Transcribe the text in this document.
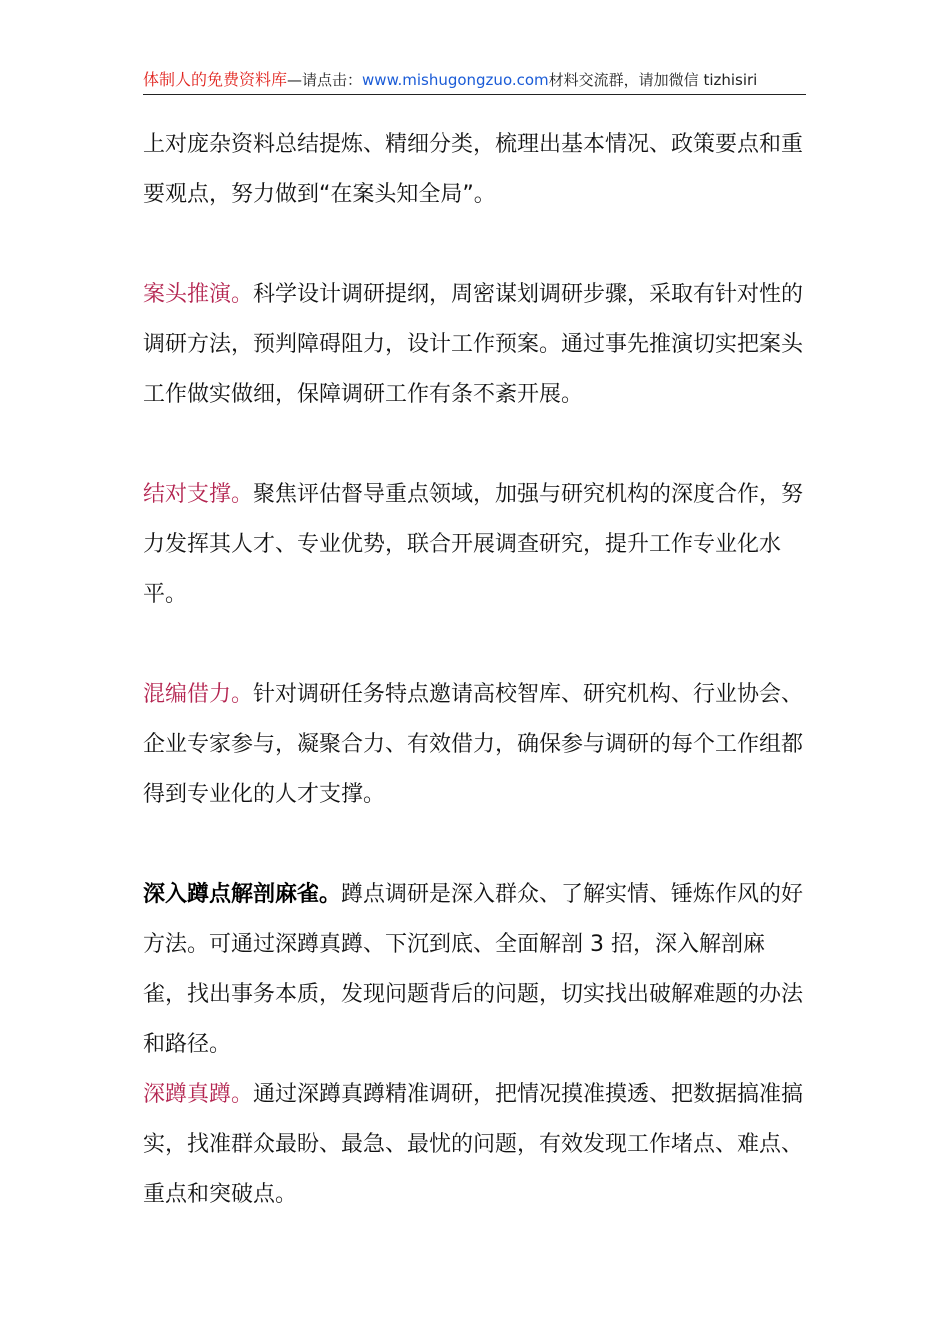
体制人的免费资料库—请点击：www.mishugongzuo.com材料交流群，请加微信 tizhisiri

上对庞杂资料总结提炼、精细分类，梳理出基本情况、政策要点和重要观点，努力做到“在案头知全局”。

案头推演。科学设计调研提纲，周密谋划调研步骤，采取有针对性的调研方法，预判障碍阻力，设计工作预案。通过事先推演切实把案头工作做实做细，保障调研工作有条不紊开展。

结对支撑。聚焦评估督导重点领域，加强与研究机构的深度合作，努力发挥其人才、专业优势，联合开展调查研究，提升工作专业化水平。

混编借力。针对调研任务特点邀请高校智库、研究机构、行业协会、企业专家参与，凝聚合力、有效借力，确保参与调研的每个工作组都得到专业化的人才支撑。

深入蹲点解剖麻雀。蹲点调研是深入群众、了解实情、锤炼作风的好方法。可通过深蹲真蹲、下沉到底、全面解剖 3 招，深入解剖麻雀，找出事务本质，发现问题背后的问题，切实找出破解难题的办法和路径。

深蹲真蹲。通过深蹲真蹲精准调研，把情况摸准摸透、把数据搞准搞实，找准群众最盼、最急、最忧的问题，有效发现工作堵点、难点、重点和突破点。
